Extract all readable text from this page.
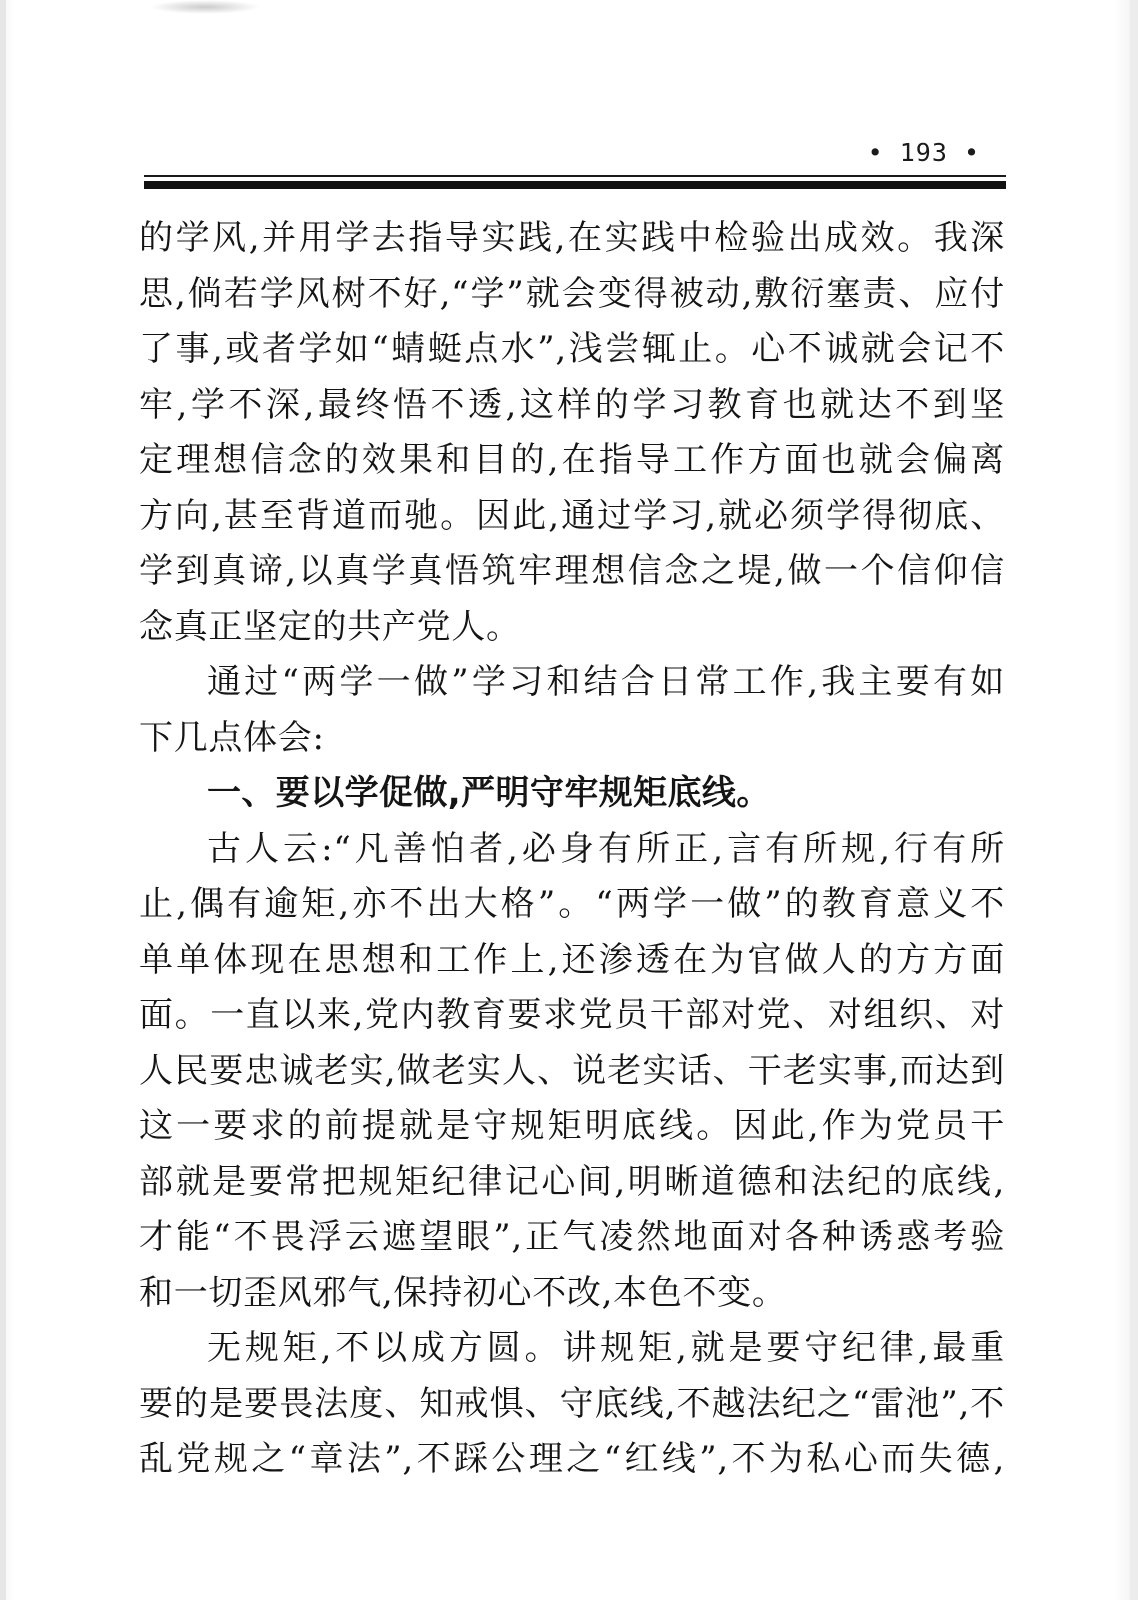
• 193 •
的学风,并用学去指导实践,在实践中检验出成效。我深
思,倘若学风树不好,“学”就会变得被动,敷衍塞责、应付
了事,或者学如“蜻蜓点水”,浅尝辄止。心不诚就会记不
牢,学不深,最终悟不透,这样的学习教育也就达不到坚
定理想信念的效果和目的,在指导工作方面也就会偏离
方向,甚至背道而驰。因此,通过学习,就必须学得彻底、
学到真谛,以真学真悟筑牢理想信念之堤,做一个信仰信
念真正坚定的共产党人。
通过“两学一做”学习和结合日常工作,我主要有如
下几点体会:
一、要以学促做,严明守牢规矩底线。
古人云:“凡善怕者,必身有所正,言有所规,行有所
止,偶有逾矩,亦不出大格”。“两学一做”的教育意义不
单单体现在思想和工作上,还渗透在为官做人的方方面
面。一直以来,党内教育要求党员干部对党、对组织、对
人民要忠诚老实,做老实人、说老实话、干老实事,而达到
这一要求的前提就是守规矩明底线。因此,作为党员干
部就是要常把规矩纪律记心间,明晰道德和法纪的底线,
才能“不畏浮云遮望眼”,正气凌然地面对各种诱惑考验
和一切歪风邪气,保持初心不改,本色不变。
无规矩,不以成方圆。讲规矩,就是要守纪律,最重
要的是要畏法度、知戒惧、守底线,不越法纪之“雷池”,不
乱党规之“章法”,不踩公理之“红线”,不为私心而失德,
